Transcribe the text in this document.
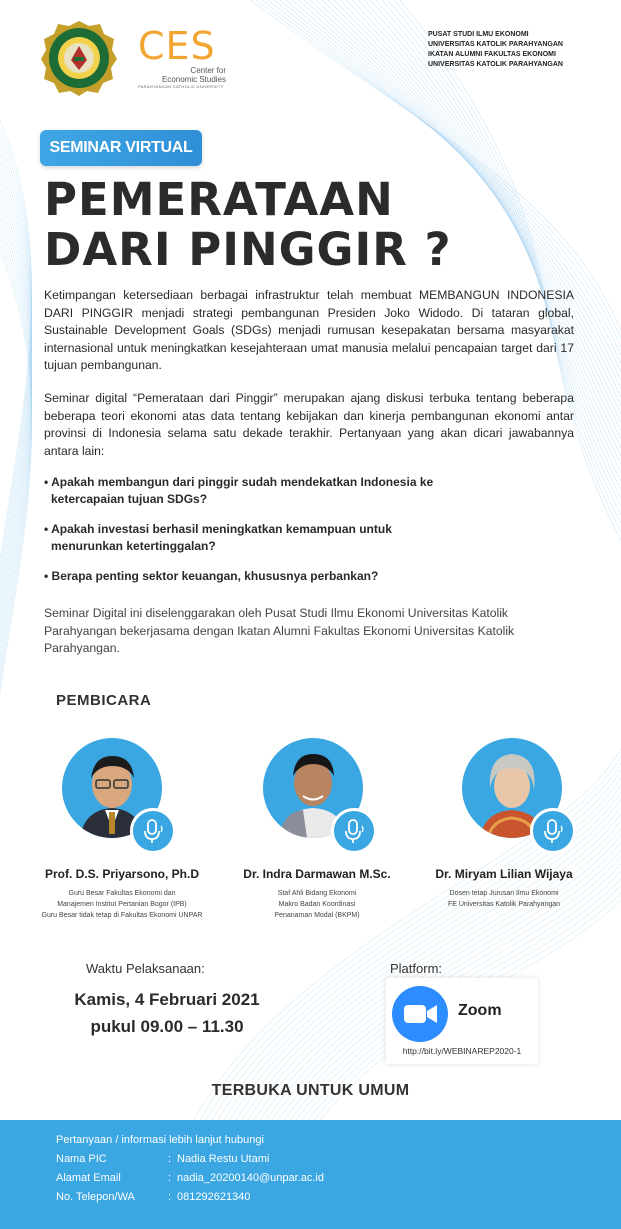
CES
Center for
Economic Studies
PARAHYANGAN CATHOLIC UNIVERSITY
PUSAT STUDI ILMU EKONOMI
UNIVERSITAS KATOLIK PARAHYANGAN
IKATAN ALUMNI FAKULTAS EKONOMI
UNIVERSITAS KATOLIK PARAHYANGAN
SEMINAR VIRTUAL
PEMERATAAN
DARI PINGGIR ?
Ketimpangan ketersediaan berbagai infrastruktur telah membuat MEMBANGUN INDONESIA DARI PINGGIR menjadi strategi pembangunan Presiden Joko Widodo. Di tataran global, Sustainable Development Goals (SDGs) menjadi rumusan kesepakatan bersama masyarakat internasional untuk meningkatkan kesejahteraan umat manusia melalui pencapaian target dari 17 tujuan pembangunan.
Seminar digital “Pemerataan dari Pinggir” merupakan ajang diskusi terbuka tentang beberapa beberapa teori ekonomi atas data tentang kebijakan dan kinerja pembangunan ekonomi antar provinsi di Indonesia selama satu dekade terakhir. Pertanyaan yang akan dicari jawabannya antara lain:
• Apakah membangun dari pinggir sudah mendekatkan Indonesia ke
ketercapaian tujuan SDGs?
• Apakah investasi berhasil meningkatkan kemampuan untuk
menurunkan ketertinggalan?
• Berapa penting sektor keuangan, khususnya perbankan?
Seminar Digital ini diselenggarakan oleh Pusat Studi Ilmu Ekonomi Universitas Katolik Parahyangan bekerjasama dengan Ikatan Alumni Fakultas Ekonomi Universitas Katolik Parahyangan.
PEMBICARA
Prof. D.S. Priyarsono, Ph.D
Guru Besar Fakultas Ekonomi dan
Manajemen Institut Pertanian Bogor (IPB)
Guru Besar tidak tetap di Fakultas Ekonomi UNPAR
Dr. Indra Darmawan M.Sc.
Staf Ahli Bidang Ekonomi
Makro Badan Koordinasi
Penanaman Modal (BKPM)
Dr. Miryam Lilian Wijaya
Dosen tetap Jurusan Ilmu Ekonomi
FE Universitas Katolik Parahyangan
Waktu Pelaksanaan:
Kamis, 4 Februari 2021
pukul 09.00 – 11.30
Platform:
Zoom
http://bit.ly/WEBINAREP2020-1
TERBUKA UNTUK UMUM
Pertanyaan / informasi lebih lanjut hubungi
Nama PIC	: Nadia Restu Utami
Alamat Email	: nadia_20200140@unpar.ac.id
No. Telepon/WA	: 081292621340
